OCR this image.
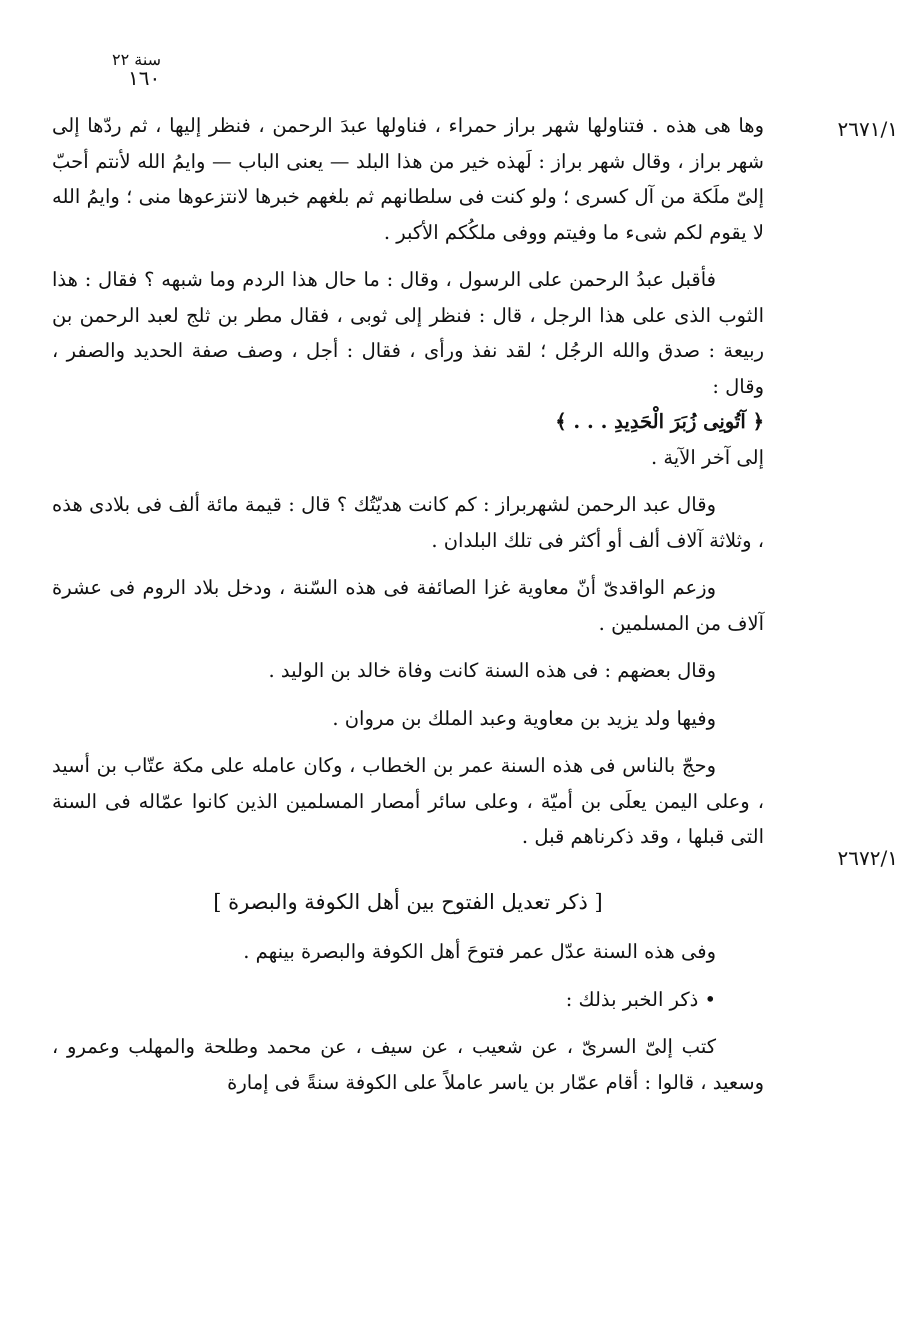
سنة ٢٢
١٦٠
٢٦٧١/١
٢٦٧٢/١

وها هى هذه . فتناولها شهر براز حمراء ، فناولها عبدَ الرحمن ، فنظر إليها ، ثم ردّها إلى شهر براز ، وقال شهر براز : لَهذه خير من هذا البلد — يعنى الباب — وايمُ الله لأنتم أحبّ إلىّ ملَكة من آل كسرى ؛ ولو كنت فى سلطانهم ثم بلغهم خبرها لانتزعوها منى ؛ وايمُ الله لا يقوم لكم شىء ما وفيتم ووفى ملكُكم الأكبر .

فأقبل عبدُ الرحمن على الرسول ، وقال : ما حال هذا الردم وما شبهه ؟ فقال : هذا الثوب الذى على هذا الرجل ، قال : فنظر إلى ثوبى ، فقال مطر بن ثلج لعبد الرحمن بن ربيعة : صدق والله الرجُل ؛ لقد نفذ ورأى ، فقال : أجل ، وصف صفة الحديد والصفر ، وقال :

﴿ آتُونِى زُبَرَ الْحَدِيدِ . . . ﴾

إلى آخر الآية .

وقال عبد الرحمن لشهربراز : كم كانت هديّتُك ؟ قال : قيمة مائة ألف فى بلادى هذه ، وثلاثة آلاف ألف أو أكثر فى تلك البلدان .

وزعم الواقدىّ أنّ معاوية غزا الصائفة فى هذه السّنة ، ودخل بلاد الروم فى عشرة آلاف من المسلمين .

وقال بعضهم : فى هذه السنة كانت وفاة خالد بن الوليد .

وفيها ولد يزيد بن معاوية وعبد الملك بن مروان .

وحجّ بالناس فى هذه السنة عمر بن الخطاب ، وكان عامله على مكة عتّاب بن أسيد ، وعلى اليمن يعلَى بن أميّة ، وعلى سائر أمصار المسلمين الذين كانوا عمّاله فى السنة التى قبلها ، وقد ذكرناهم قبل .

[ ذكر تعديل الفتوح بين أهل الكوفة والبصرة ]

وفى هذه السنة عدّل عمر فتوحَ أهل الكوفة والبصرة بينهم .

• ذكر الخبر بذلك :

كتب إلىّ السرىّ ، عن شعيب ، عن سيف ، عن محمد وطلحة والمهلب وعمرو ، وسعيد ، قالوا : أقام عمّار بن ياسر عاملاً على الكوفة سنةً فى إمارة
